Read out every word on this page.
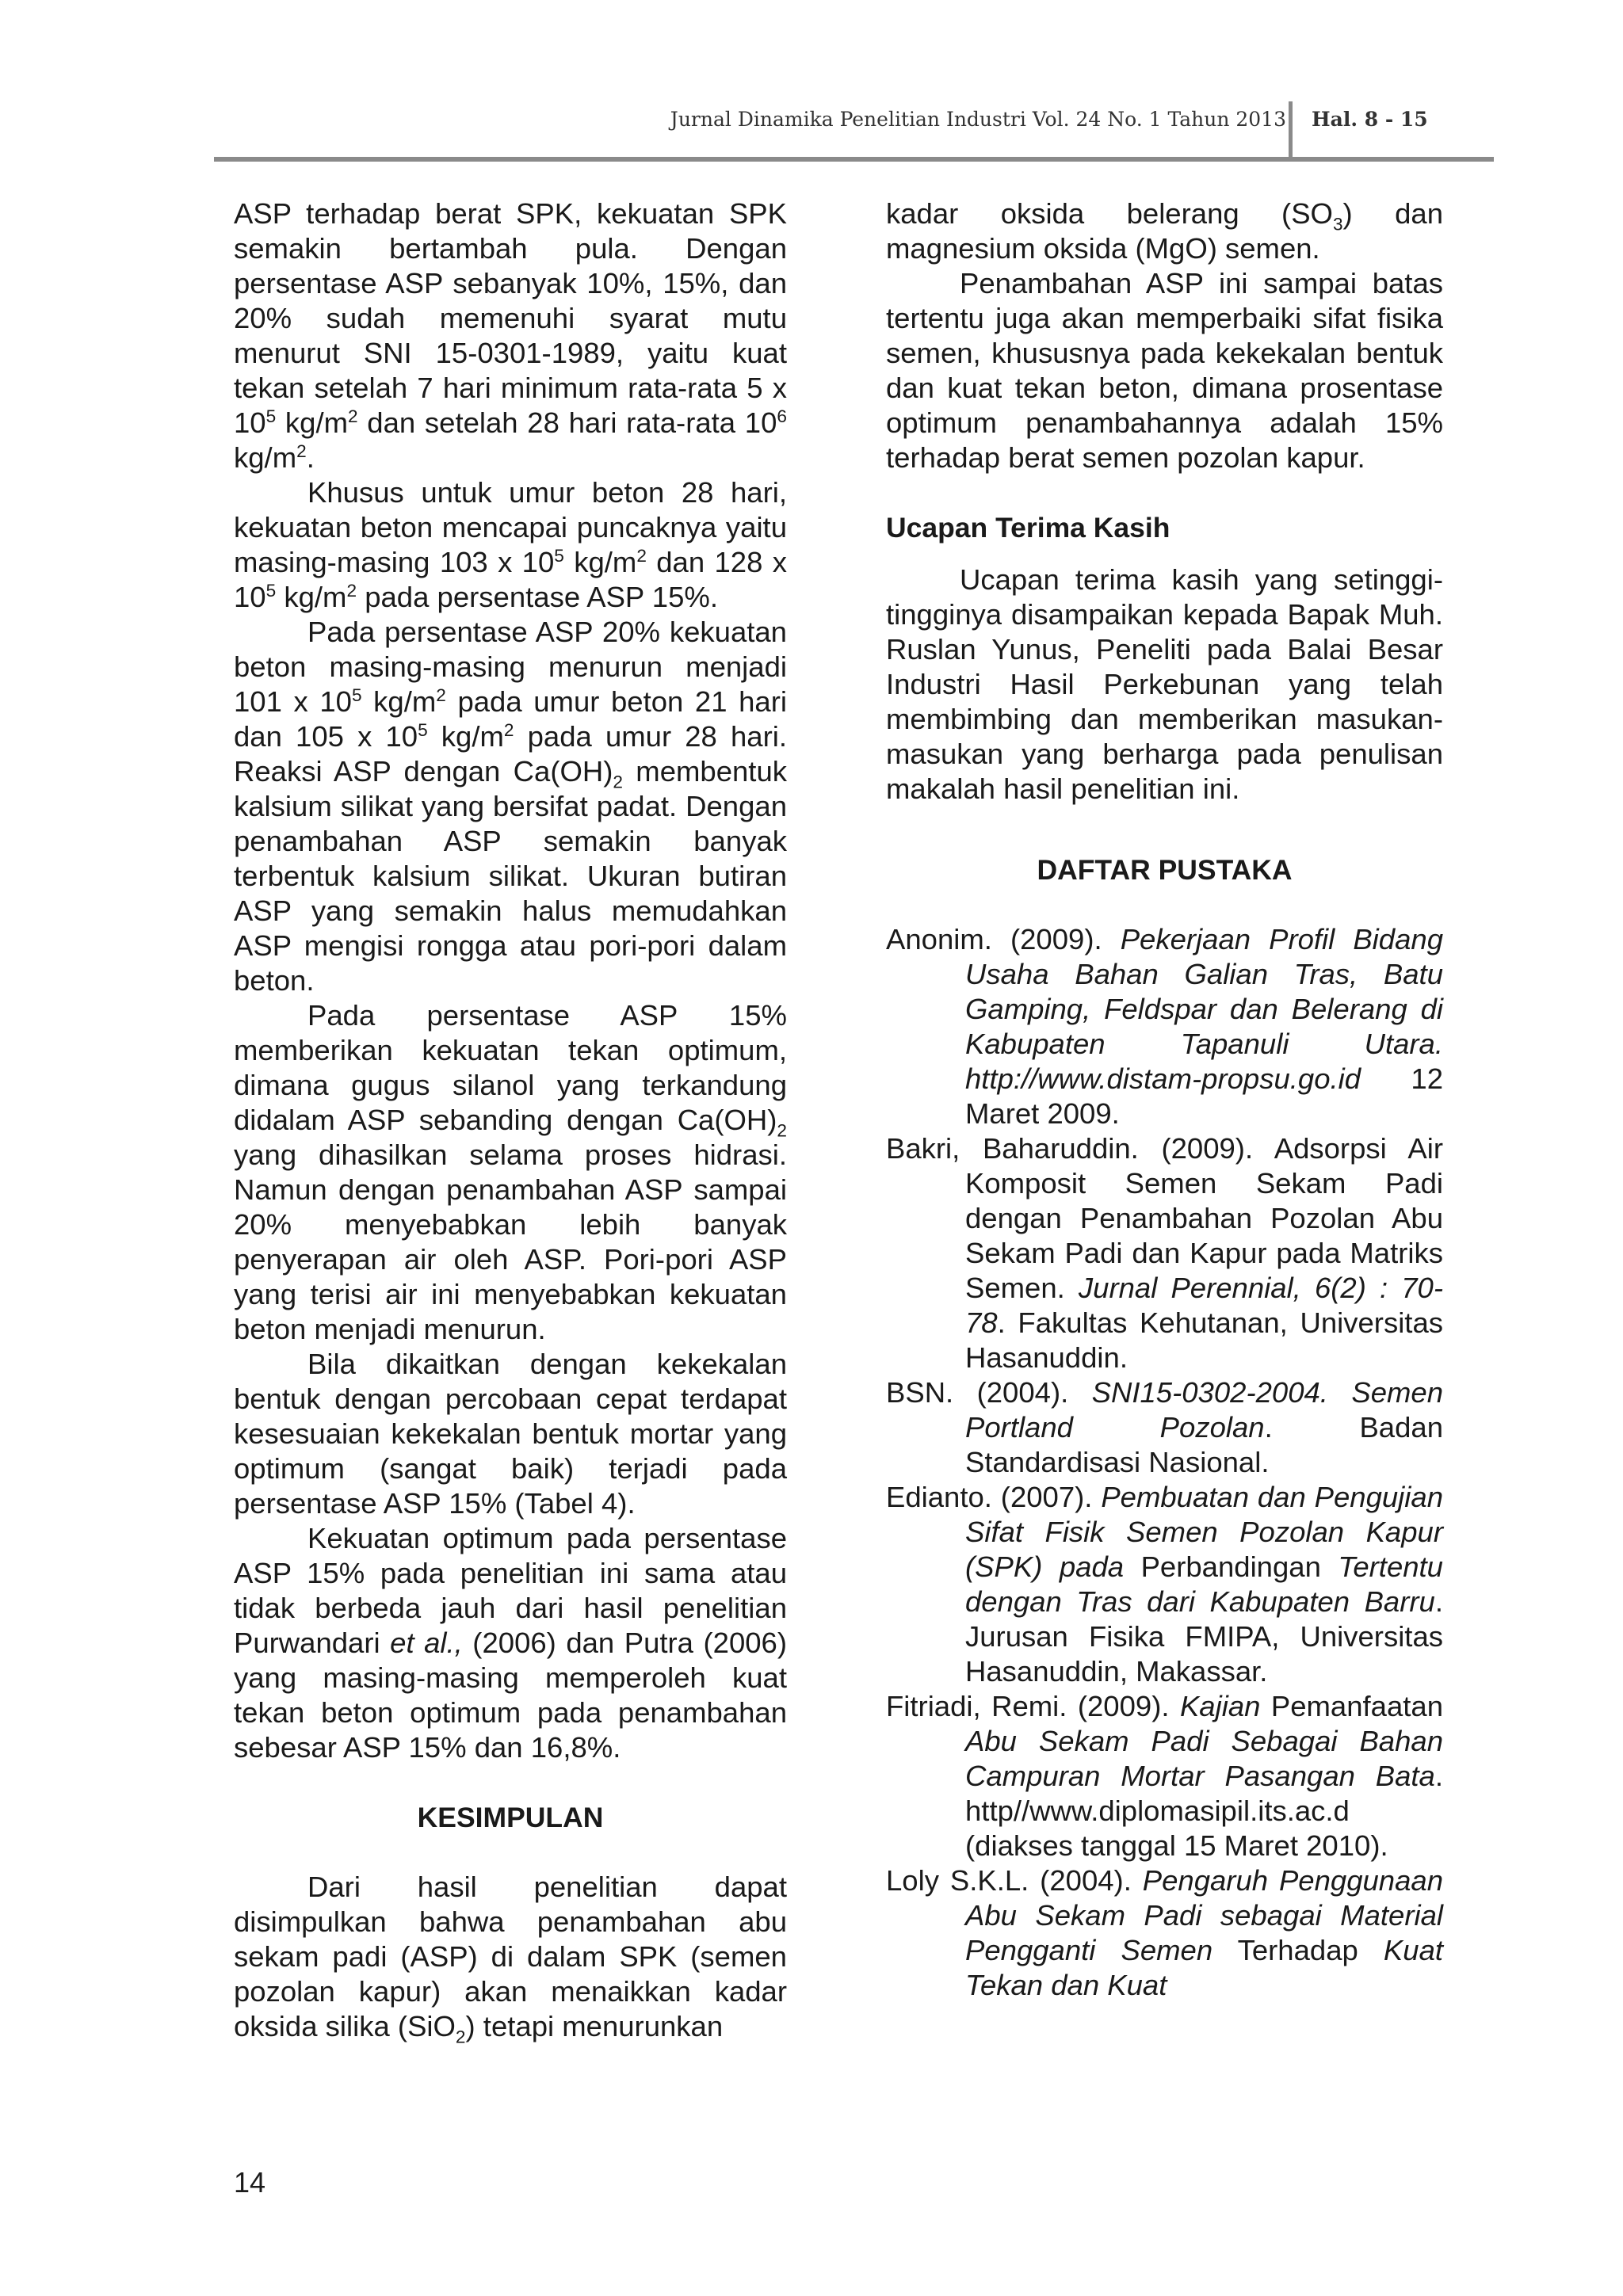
Jurnal Dinamika Penelitian Industri Vol. 24 No. 1 Tahun 2013 Hal. 8 - 15

ASP terhadap berat SPK, kekuatan SPK semakin bertambah pula. Dengan persentase ASP sebanyak 10%, 15%, dan 20% sudah memenuhi syarat mutu menurut SNI 15-0301-1989, yaitu kuat tekan setelah 7 hari minimum rata-rata 5 x $10^5$ $kg/m^2$ dan setelah 28 hari rata-rata $10^6$ $kg/m^2$.

Khusus untuk umur beton 28 hari, kekuatan beton mencapai puncaknya yaitu masing-masing 103 x $10^5$ $kg/m^2$ dan 128 x $10^5$ $kg/m^2$ pada persentase ASP 15%.

Pada persentase ASP 20% kekuatan beton masing-masing menurun menjadi 101 x $10^5$ $kg/m^2$ pada umur beton 21 hari dan 105 x $10^5$ $kg/m^2$ pada umur 28 hari. Reaksi ASP dengan $Ca(OH)_2$ membentuk kalsium silikat yang bersifat padat. Dengan penambahan ASP semakin banyak terbentuk kalsium silikat. Ukuran butiran ASP yang semakin halus memudahkan ASP mengisi rongga atau pori-pori dalam beton.

Pada persentase ASP 15% memberikan kekuatan tekan optimum, dimana gugus silanol yang terkandung didalam ASP sebanding dengan $Ca(OH)_2$ yang dihasilkan selama proses hidrasi. Namun dengan penambahan ASP sampai 20% menyebabkan lebih banyak penyerapan air oleh ASP. Pori-pori ASP yang terisi air ini menyebabkan kekuatan beton menjadi menurun.

Bila dikaitkan dengan kekekalan bentuk dengan percobaan cepat terdapat kesesuaian kekekalan bentuk mortar yang optimum (sangat baik) terjadi pada persentase ASP 15% (Tabel 4).

Kekuatan optimum pada persentase ASP 15% pada penelitian ini sama atau tidak berbeda jauh dari hasil penelitian Purwandari et al., (2006) dan Putra (2006) yang masing-masing memperoleh kuat tekan beton optimum pada penambahan sebesar ASP 15% dan 16,8%.

KESIMPULAN

Dari hasil penelitian dapat disimpulkan bahwa penambahan abu sekam padi (ASP) di dalam SPK (semen pozolan kapur) akan menaikkan kadar oksida silika (SiO$_2$) tetapi menurunkan

kadar oksida belerang $(SO_3)$ dan magnesium oksida (MgO) semen.

Penambahan ASP ini sampai batas tertentu juga akan memperbaiki sifat fisika semen, khususnya pada kekekalan bentuk dan kuat tekan beton, dimana prosentase optimum penambahannya adalah 15% terhadap berat semen pozolan kapur.

Ucapan Terima Kasih

Ucapan terima kasih yang setinggi-tingginya disampaikan kepada Bapak Muh. Ruslan Yunus, Peneliti pada Balai Besar Industri Hasil Perkebunan yang telah membimbing dan memberikan masukan-masukan yang berharga pada penulisan makalah hasil penelitian ini.

DAFTAR PUSTAKA

Anonim. (2009). Pekerjaan Profil Bidang Usaha Bahan Galian Tras, Batu Gamping, Feldspar dan Belerang di Kabupaten Tapanuli Utara. http://www.distam-propsu.go.id 12 Maret 2009.

Bakri, Baharuddin. (2009). Adsorpsi Air Komposit Semen Sekam Padi dengan Penambahan Pozolan Abu Sekam Padi dan Kapur pada Matriks Semen. Jurnal Perennial, 6(2) : 70-78. Fakultas Kehutanan, Universitas Hasanuddin.

BSN. (2004). SNI15-0302-2004. Semen Portland Pozolan. Badan Standardisasi Nasional.

Edianto. (2007). Pembuatan dan Pengujian Sifat Fisik Semen Pozolan Kapur (SPK) pada Perbandingan Tertentu dengan Tras dari Kabupaten Barru. Jurusan Fisika FMIPA, Universitas Hasanuddin, Makassar.

Fitriadi, Remi. (2009). Kajian Pemanfaatan Abu Sekam Padi Sebagai Bahan Campuran Mortar Pasangan Bata. http//www.diplomasipil.its.ac.d (diakses tanggal 15 Maret 2010).

Loly S.K.L. (2004). Pengaruh Penggunaan Abu Sekam Padi sebagai Material Pengganti Semen Terhadap Kuat Tekan dan Kuat

14
